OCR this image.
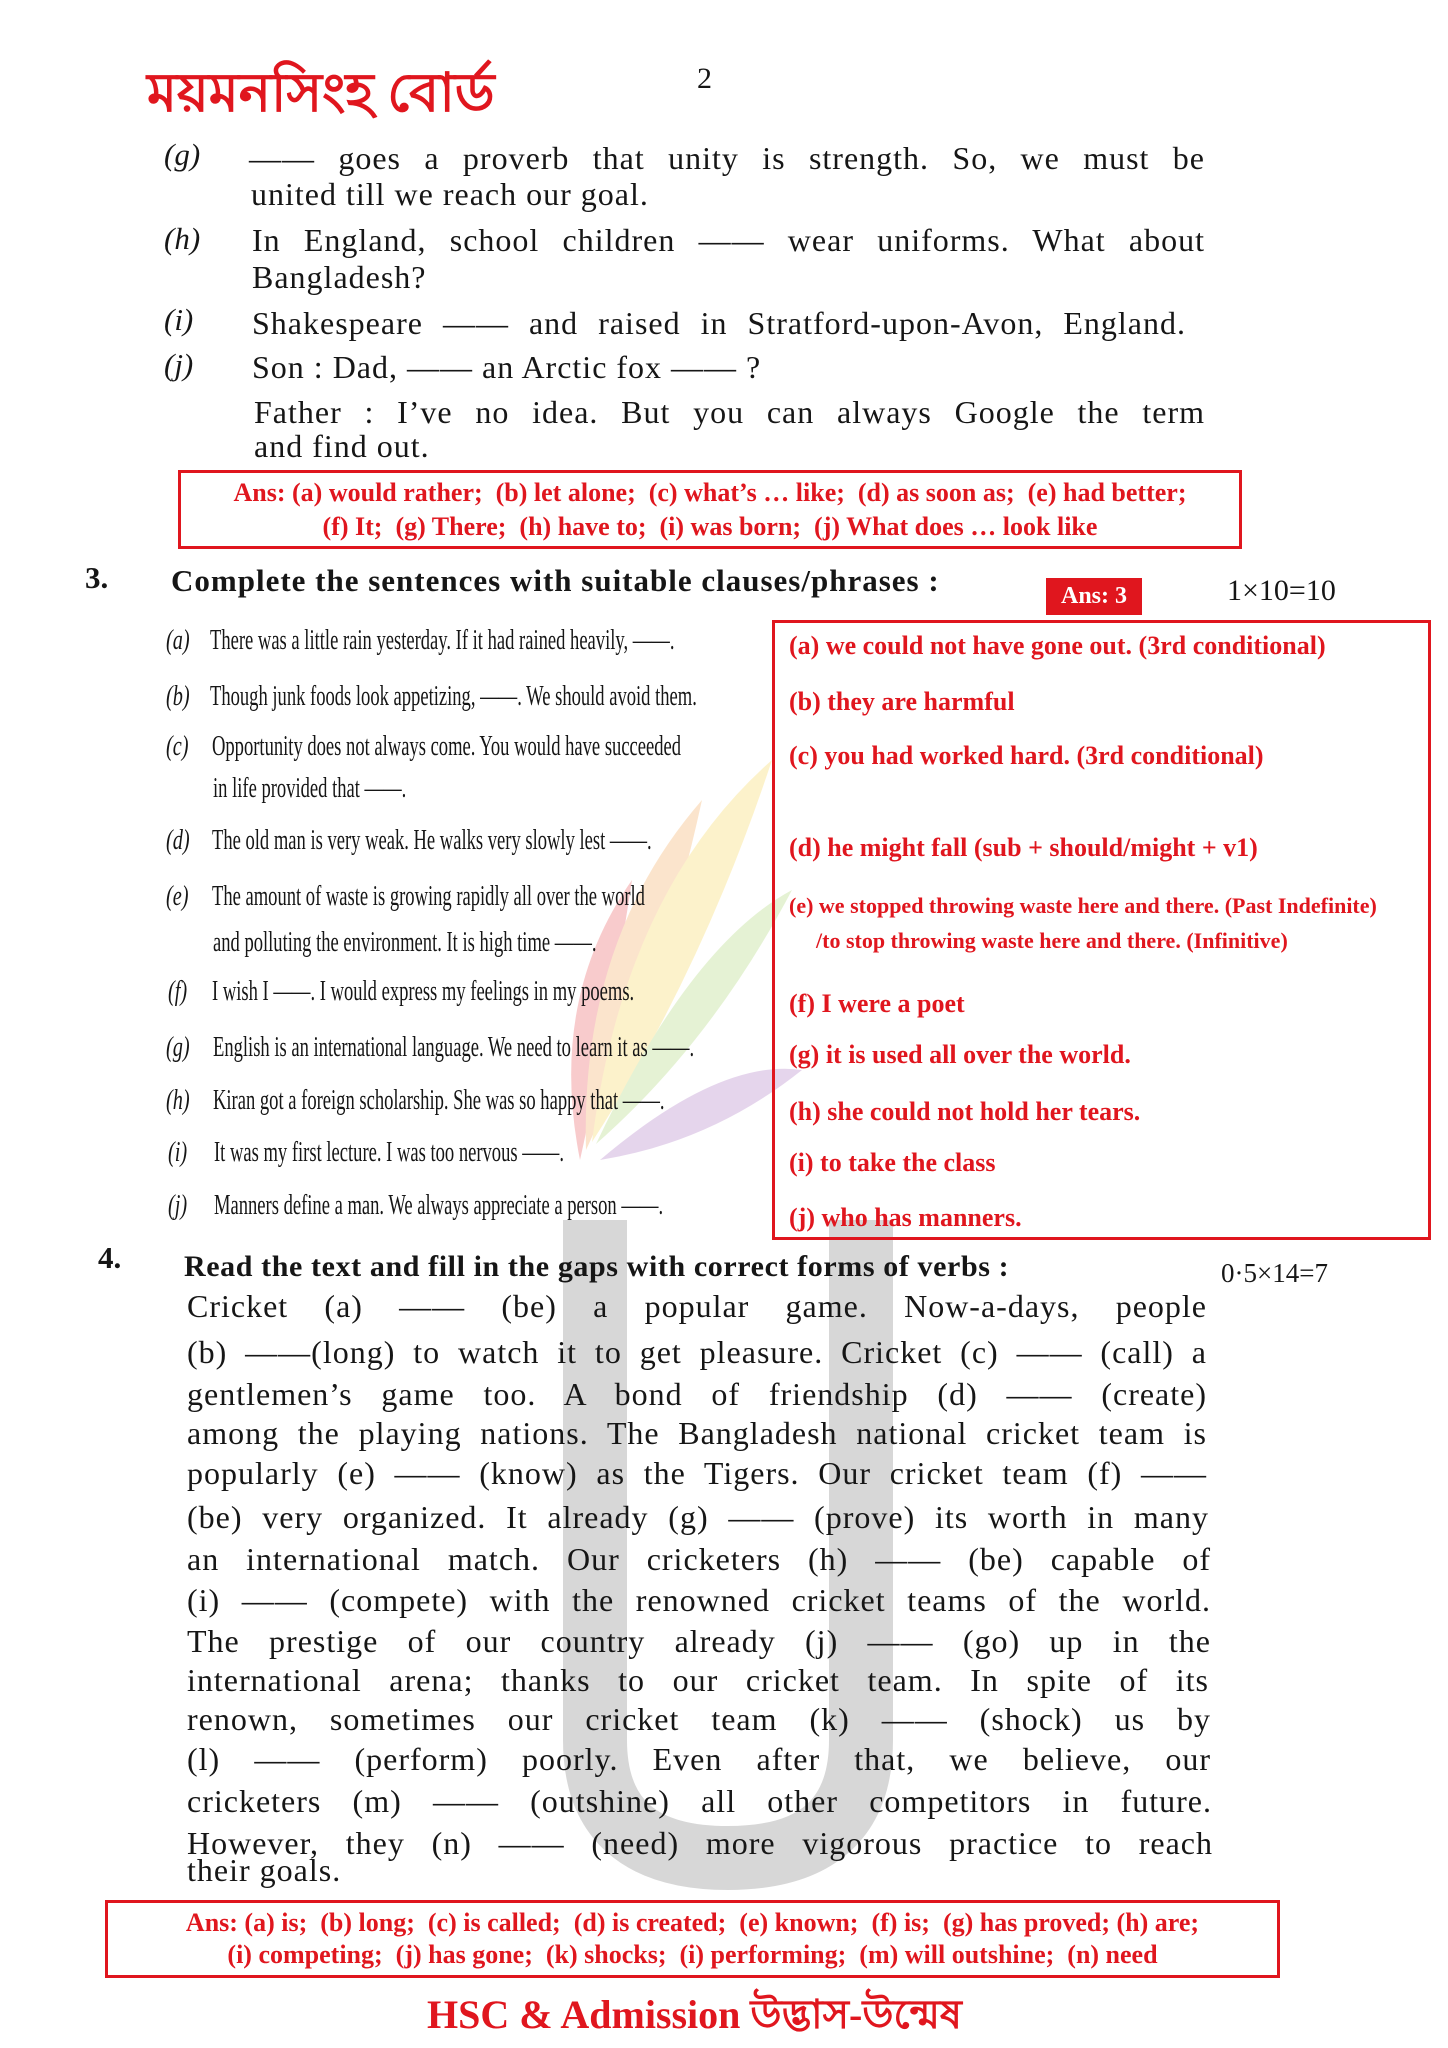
ময়মনসিংহ বোর্ড	2
(g) —— goes a proverb that unity is strength. So, we must be
united till we reach our goal.
(h) In England, school children —— wear uniforms. What about
Bangladesh?
(i) Shakespeare —— and raised in Stratford-upon-Avon, England.
(j) Son : Dad, —— an Arctic fox —— ?
Father : I’ve no idea. But you can always Google the term
and find out.
Ans: (a) would rather;  (b) let alone;  (c) what’s … like;  (d) as soon as;  (e) had better;
(f) It;  (g) There;  (h) have to;  (i) was born;  (j) What does … look like
3. Complete the sentences with suitable clauses/phrases :	Ans: 3	1×10=10
(a) There was a little rain yesterday. If it had rained heavily, ——.
(b) Though junk foods look appetizing, ——. We should avoid them.
(c) Opportunity does not always come. You would have succeeded
in life provided that ——.
(d) The old man is very weak. He walks very slowly lest ——.
(e) The amount of waste is growing rapidly all over the world
and polluting the environment. It is high time ——.
(f) I wish I ——. I would express my feelings in my poems.
(g) English is an international language. We need to learn it as ——.
(h) Kiran got a foreign scholarship. She was so happy that ——.
(i) It was my first lecture. I was too nervous ——.
(j) Manners define a man. We always appreciate a person ——.
(a) we could not have gone out. (3rd conditional)
(b) they are harmful
(c) you had worked hard. (3rd conditional)
(d) he might fall (sub + should/might + v1)
(e) we stopped throwing waste here and there. (Past Indefinite)
/to stop throwing waste here and there. (Infinitive)
(f) I were a poet
(g) it is used all over the world.
(h) she could not hold her tears.
(i) to take the class
(j) who has manners.
4. Read the text and fill in the gaps with correct forms of verbs :	0·5×14=7
Cricket (a) —— (be) a popular game. Now-a-days, people
(b) ——(long) to watch it to get pleasure. Cricket (c) —— (call) a
gentlemen’s game too. A bond of friendship (d) —— (create)
among the playing nations. The Bangladesh national cricket team is
popularly (e) —— (know) as the Tigers. Our cricket team (f) ——
(be) very organized. It already (g) —— (prove) its worth in many
an international match. Our cricketers (h) —— (be) capable of
(i) —— (compete) with the renowned cricket teams of the world.
The prestige of our country already (j) —— (go) up in the
international arena; thanks to our cricket team. In spite of its
renown, sometimes our cricket team (k) —— (shock) us by
(l) —— (perform) poorly. Even after that, we believe, our
cricketers (m) —— (outshine) all other competitors in future.
However, they (n) —— (need) more vigorous practice to reach
their goals.
Ans: (a) is;  (b) long;  (c) is called;  (d) is created;  (e) known;  (f) is;  (g) has proved; (h) are;
(i) competing;  (j) has gone;  (k) shocks;  (i) performing;  (m) will outshine;  (n) need
HSC & Admission উদ্ভাস-উন্মেষ
